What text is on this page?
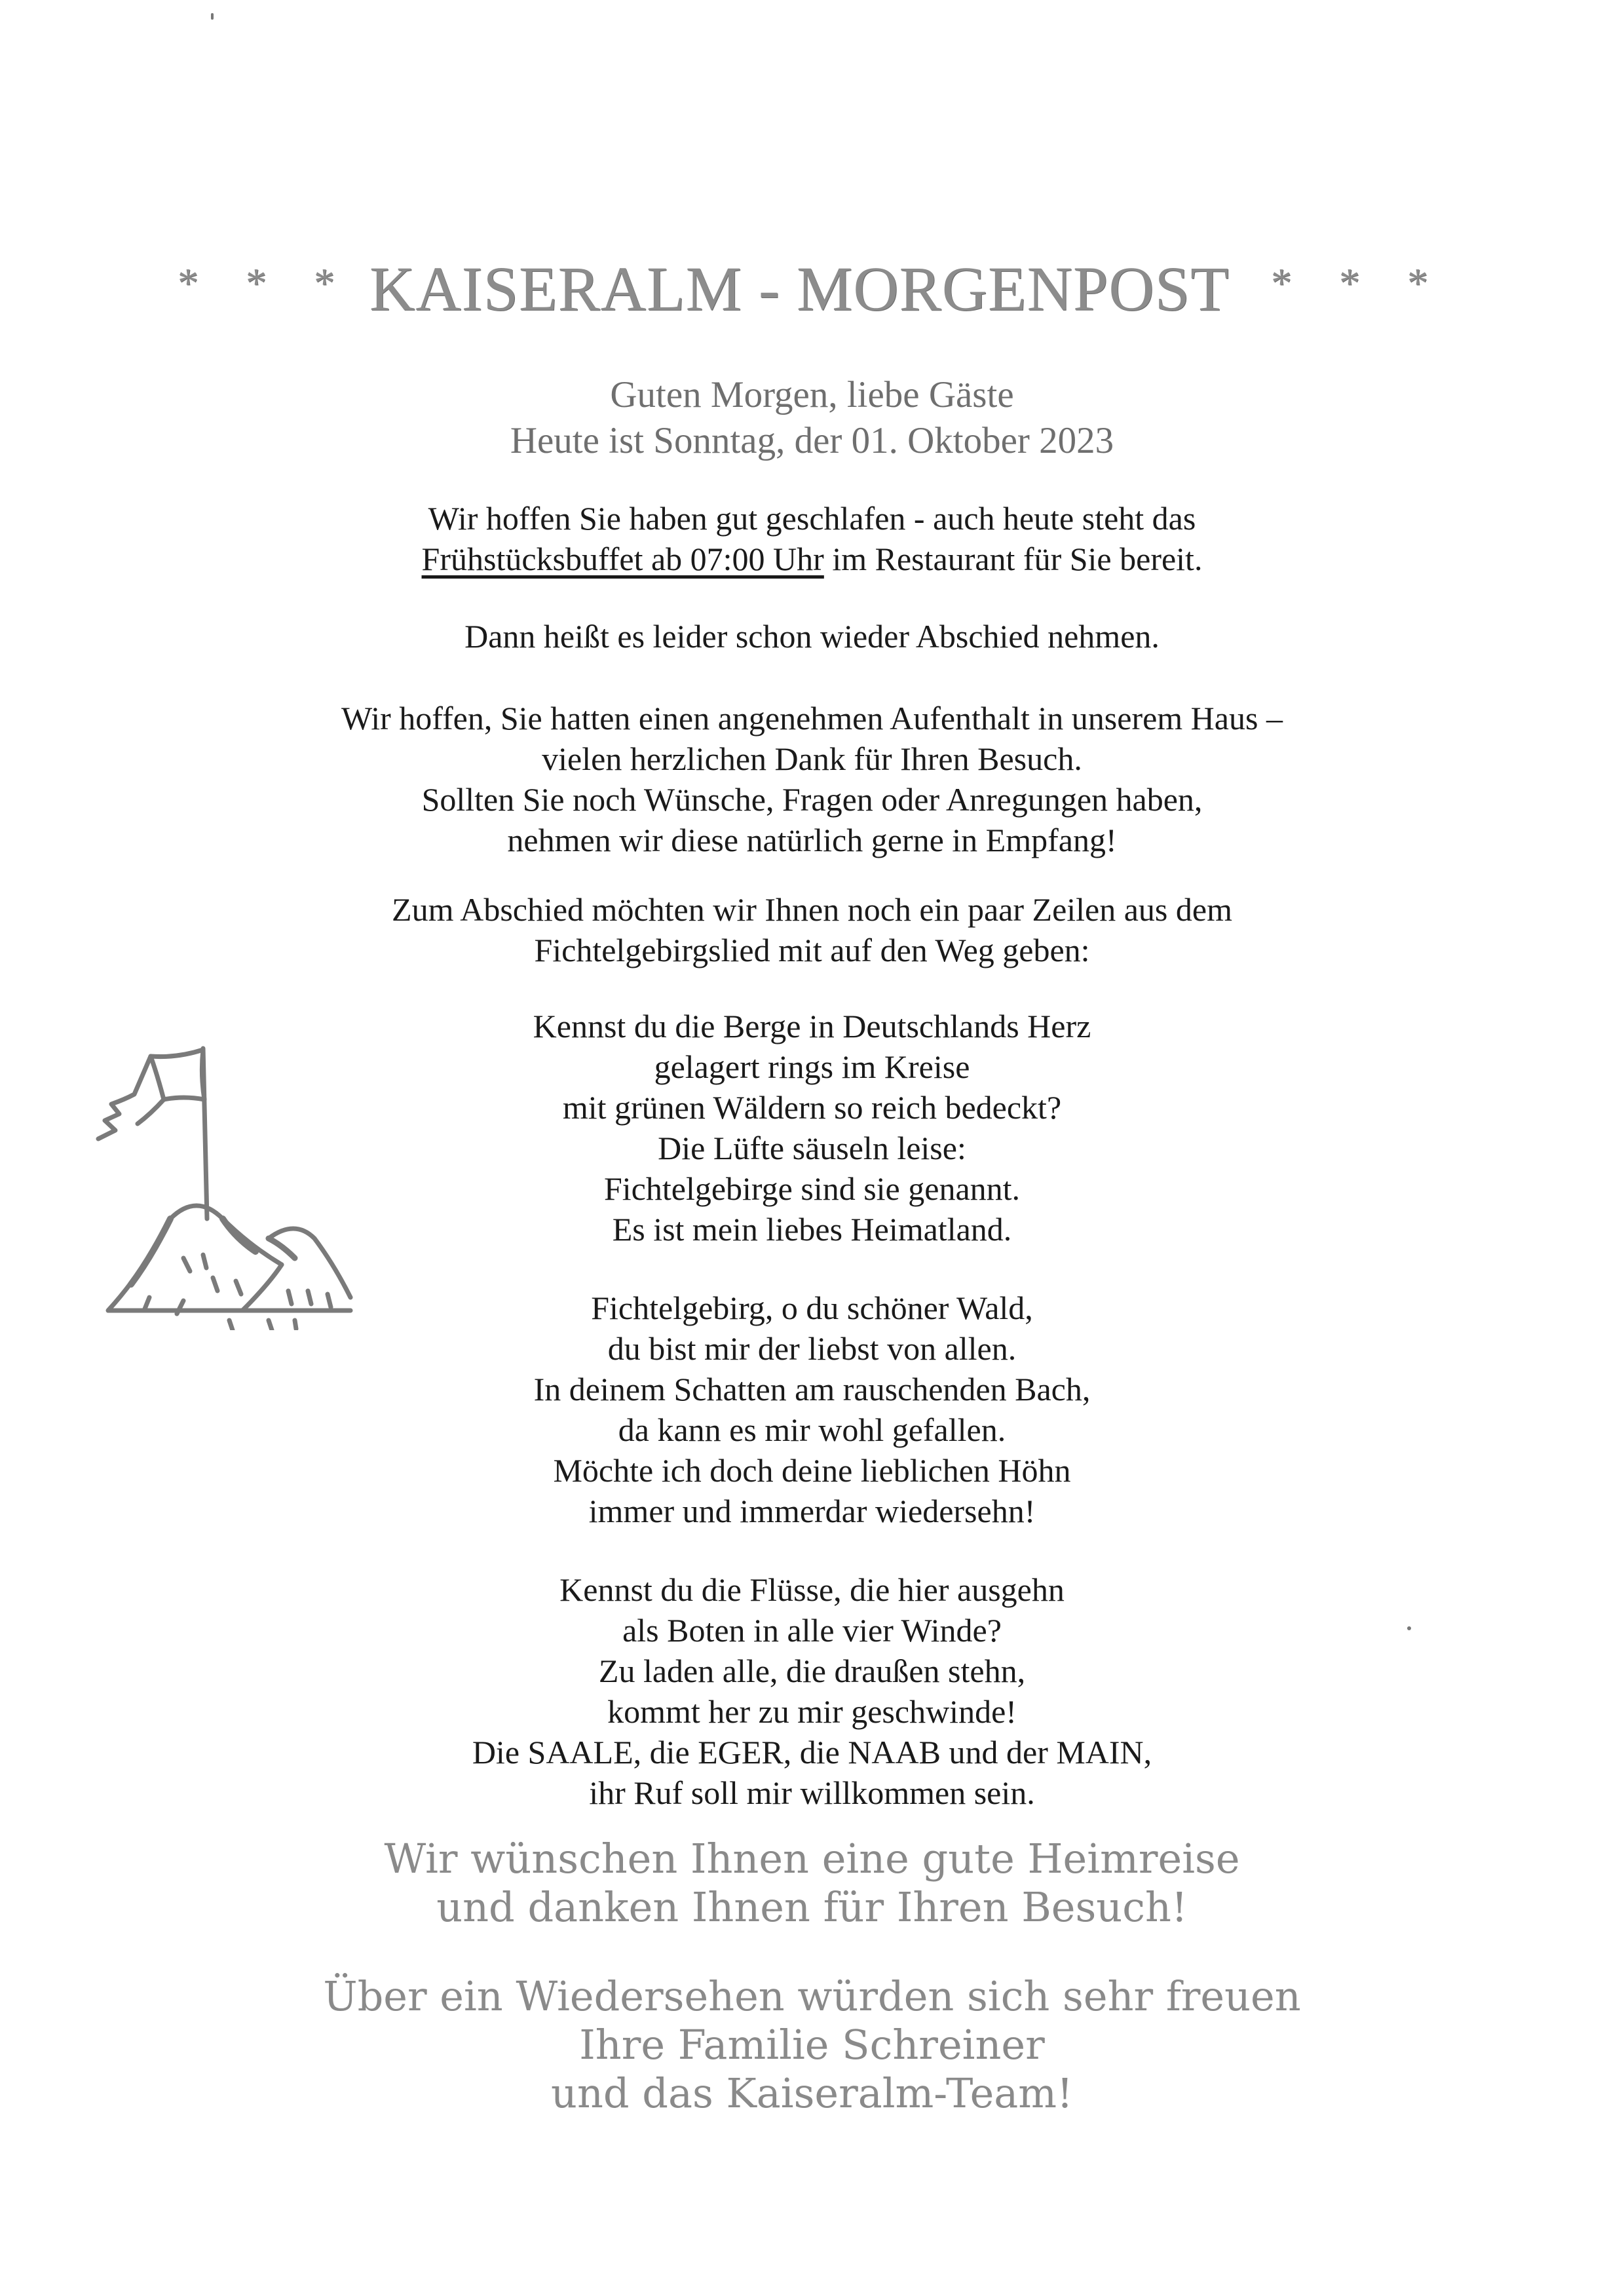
* * * KAISERALM - MORGENPOST * * *
Guten Morgen, liebe Gäste
Heute ist Sonntag, der 01. Oktober 2023
Wir hoffen Sie haben gut geschlafen - auch heute steht das
Frühstücksbuffet ab 07:00 Uhr im Restaurant für Sie bereit.
Dann heißt es leider schon wieder Abschied nehmen.
Wir hoffen, Sie hatten einen angenehmen Aufenthalt in unserem Haus –
vielen herzlichen Dank für Ihren Besuch.
Sollten Sie noch Wünsche, Fragen oder Anregungen haben,
nehmen wir diese natürlich gerne in Empfang!
Zum Abschied möchten wir Ihnen noch ein paar Zeilen aus dem
Fichtelgebirgslied mit auf den Weg geben:
Kennst du die Berge in Deutschlands Herz
gelagert rings im Kreise
mit grünen Wäldern so reich bedeckt?
Die Lüfte säuseln leise:
Fichtelgebirge sind sie genannt.
Es ist mein liebes Heimatland.
Fichtelgebirg, o du schöner Wald,
du bist mir der liebst von allen.
In deinem Schatten am rauschenden Bach,
da kann es mir wohl gefallen.
Möchte ich doch deine lieblichen Höhn
immer und immerdar wiedersehn!
Kennst du die Flüsse, die hier ausgehn
als Boten in alle vier Winde?
Zu laden alle, die draußen stehn,
kommt her zu mir geschwinde!
Die SAALE, die EGER, die NAAB und der MAIN,
ihr Ruf soll mir willkommen sein.
Wir wünschen Ihnen eine gute Heimreise
und danken Ihnen für Ihren Besuch!
Über ein Wiedersehen würden sich sehr freuen
Ihre Familie Schreiner
und das Kaiseralm-Team!
